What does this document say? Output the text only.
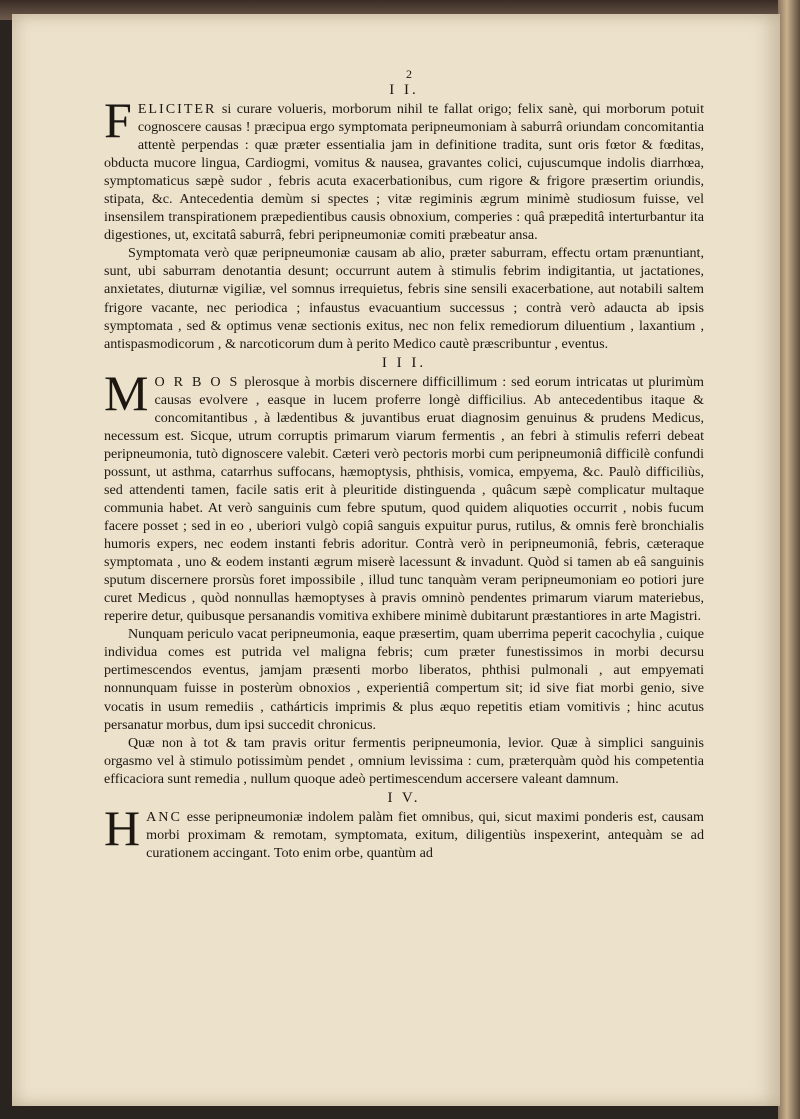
2
I I.

FELICITER si curare volueris, morborum nihil te fallat origo; felix sanè, qui morborum potuit cognoscere causas ! præcipua ergo symptomata peripneumoniam à saburrâ oriundam concomitantia attentè perpendas : quæ præter essentialia jam in definitione tradita, sunt oris fœtor & fœditas, obducta mucore lingua, Cardiogmi, vomitus & nausea, gravantes colici, cujuscumque indolis diarrhœa, symptomaticus sæpè sudor , febris acuta exacerbationibus, cum rigore & frigore præsertim oriundis, stipata, &c. Antecedentia demùm si spectes ; vitæ regiminis ægrum minimè studiosum fuisse, vel insensilem transpirationem præpedientibus causis obnoxium, comperies : quâ præpeditâ interturbantur ita digestiones, ut, excitatâ saburrâ, febri peripneumoniæ comiti præbeatur ansa.

Symptomata verò quæ peripneumoniæ causam ab alio, præter saburram, effectu ortam prænuntiant, sunt, ubi saburram denotantia desunt; occurrunt autem à stimulis febrim indigitantia, ut jactationes, anxietates, diuturnæ vigiliæ, vel somnus irrequietus, febris sine sensili exacerbatione, aut notabili saltem frigore vacante, nec periodica ; infaustus evacuantium successus ; contrà verò adaucta ab ipsis symptomata , sed & optimus venæ sectionis exitus, nec non felix remediorum diluentium , laxantium , antispasmodicorum , & narcoticorum dum à perito Medico cautè præscribuntur , eventus.

I I I.

M O R B O S plerosque à morbis discernere difficillimum : sed eorum intricatas ut plurimùm causas evolvere , easque in lucem proferre longè difficilius. Ab antecedentibus itaque & concomitantibus , à lædentibus & juvantibus eruat diagnosim genuinus & prudens Medicus, necessum est. Sicque, utrum corruptis primarum viarum fermentis , an febri à stimulis referri debeat peripneumonia, tutò dignoscere valebit. Cæteri verò pectoris morbi cum peripneumoniâ difficilè confundi possunt, ut asthma, catarrhus suffocans, hæmoptysis, phthisis, vomica, empyema, &c. Paulò difficiliùs, sed attendenti tamen, facile satis erit à pleuritide distinguenda , quâcum sæpè complicatur multaque communia habet. At verò sanguinis cum febre sputum, quod quidem aliquoties occurrit , nobis fucum facere posset ; sed in eo , uberiori vulgò copiâ sanguis expuitur purus, rutilus, & omnis ferè bronchialis humoris expers, nec eodem instanti febris adoritur. Contrà verò in peripneumoniâ, febris, cæteraque symptomata , uno & eodem instanti ægrum miserè lacessunt & invadunt. Quòd si tamen ab eâ sanguinis sputum discernere prorsùs foret impossibile , illud tunc tanquàm veram peripneumoniam eo potiori jure curet Medicus , quòd nonnullas hæmoptyses à pravis omninò pendentes primarum viarum materiebus, reperire detur, quibusque persanandis vomitiva exhibere minimè dubitarunt præstantiores in arte Magistri.

Nunquam periculo vacat peripneumonia, eaque præsertim, quam uberrima peperit cacochylia , cuique individua comes est putrida vel maligna febris; cum præter funestissimos in morbi decursu pertimescendos eventus, jamjam præsenti morbo liberatos, phthisi pulmonali , aut empyemati nonnunquam fuisse in posterùm obnoxios , experientiâ compertum sit; id sive fiat morbi genio, sive vocatis in usum remediis , cathárticis imprimis & plus æquo repetitis etiam vomitivis ; hinc acutus persanatur morbus, dum ipsi succedit chronicus.

Quæ non à tot & tam pravis oritur fermentis peripneumonia, levior. Quæ à simplici sanguinis orgasmo vel à stimulo potissimùm pendet , omnium levissima : cum, præterquàm quòd his competentia efficaciora sunt remedia , nullum quoque adeò pertimescendum accersere valeant damnum.

I V.

HANC esse peripneumoniæ indolem palàm fiet omnibus, qui, sicut maximi ponderis est, causam morbi proximam & remotam, symptomata, exitum, diligentiùs inspexerint, antequàm se ad curationem accingant. Toto enim orbe, quantùm ad
